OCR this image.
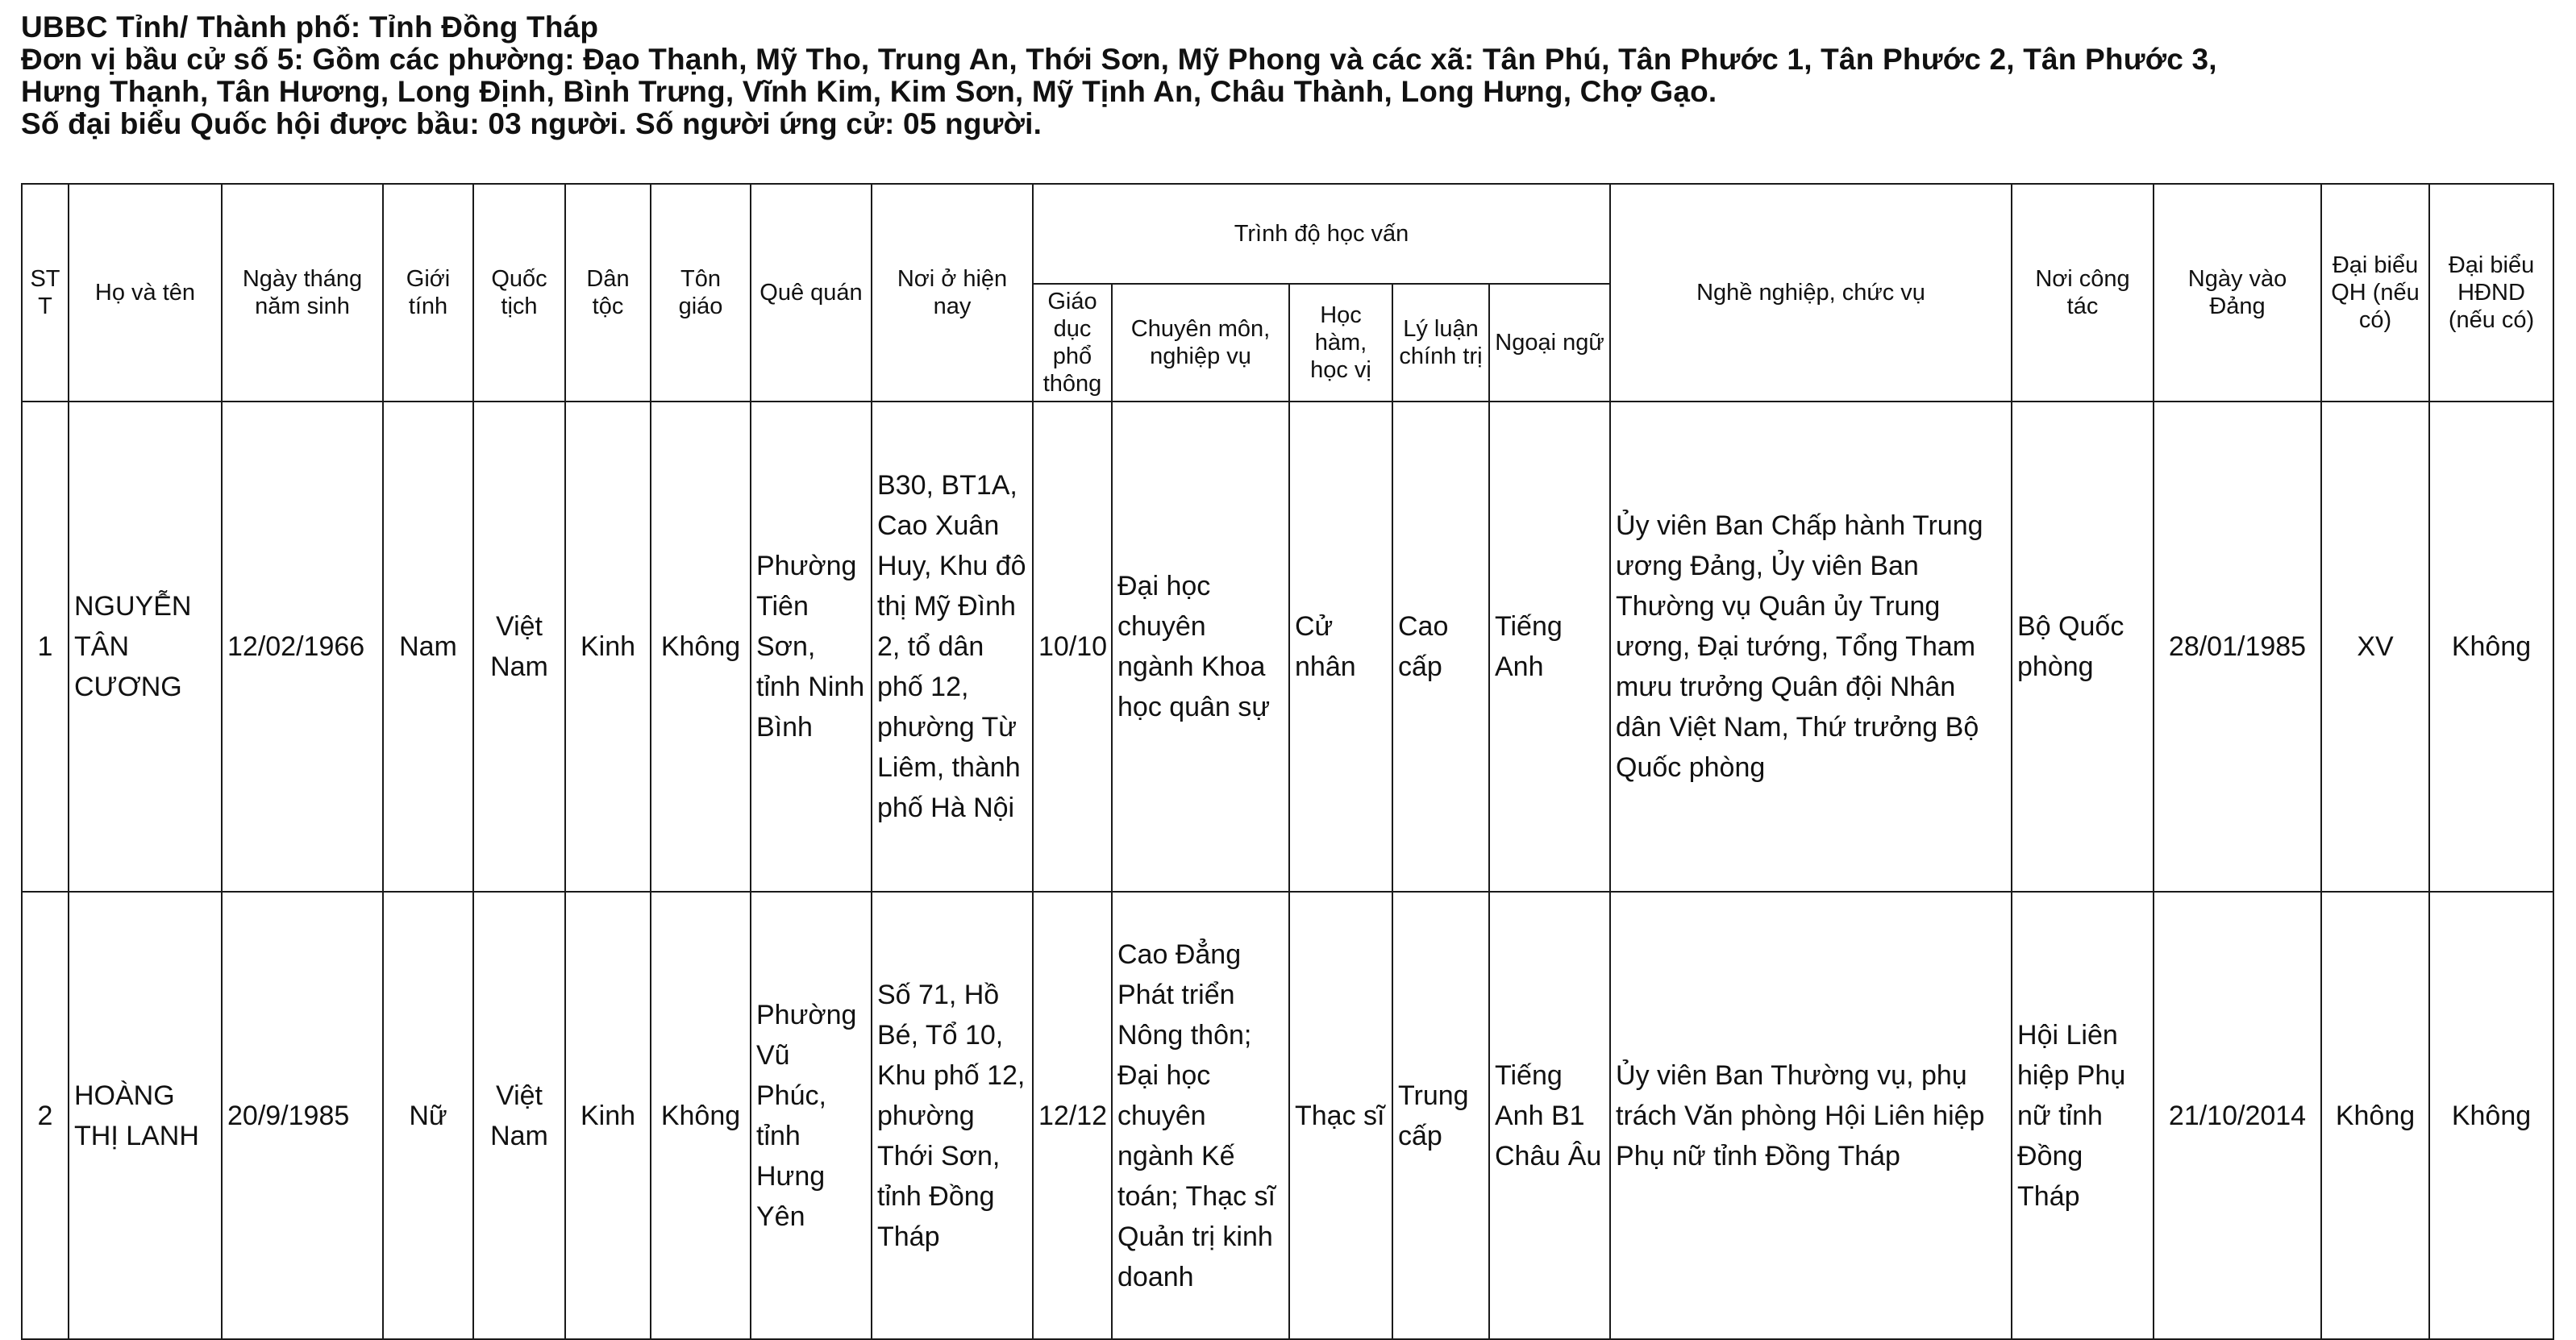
UBBC Tỉnh/ Thành phố: Tỉnh Đồng Tháp
Đơn vị bầu cử số 5: Gồm các phường: Đạo Thạnh, Mỹ Tho, Trung An, Thới Sơn, Mỹ Phong và các xã: Tân Phú, Tân Phước 1, Tân Phước 2, Tân Phước 3,
Hưng Thạnh, Tân Hương, Long Định, Bình Trưng, Vĩnh Kim, Kim Sơn, Mỹ Tịnh An, Châu Thành, Long Hưng, Chợ Gạo.
Số đại biểu Quốc hội được bầu: 03 người. Số người ứng cử: 05 người.
ST T	Họ và tên	Ngày tháng năm sinh	Giới tính	Quốc tịch	Dân tộc	Tôn giáo	Quê quán	Nơi ở hiện nay	Trình độ học vấn					Nghề nghiệp, chức vụ	Nơi công tác	Ngày vào Đảng	Đại biểu QH (nếu có)	Đại biểu HĐND (nếu có)
									Giáo dục phổ thông	Chuyên môn, nghiệp vụ	Học hàm, học vị	Lý luận chính trị	Ngoại ngữ					
1	NGUYỄN TÂN CƯƠNG	12/02/1966	Nam	Việt Nam	Kinh	Không	Phường Tiên Sơn, tỉnh Ninh Bình	B30, BT1A, Cao Xuân Huy, Khu đô thị Mỹ Đình 2, tổ dân phố 12, phường Từ Liêm, thành phố Hà Nội	10/10	Đại học chuyên ngành Khoa học quân sự	Cử nhân	Cao cấp	Tiếng Anh	Ủy viên Ban Chấp hành Trung ương Đảng, Ủy viên Ban Thường vụ Quân ủy Trung ương, Đại tướng, Tổng Tham mưu trưởng Quân đội Nhân dân Việt Nam, Thứ trưởng Bộ Quốc phòng	Bộ Quốc phòng	28/01/1985	XV	Không
2	HOÀNG THỊ LANH	20/9/1985	Nữ	Việt Nam	Kinh	Không	Phường Vũ Phúc, tỉnh Hưng Yên	Số 71, Hồ Bé, Tổ 10, Khu phố 12, phường Thới Sơn, tỉnh Đồng Tháp	12/12	Cao Đẳng Phát triển Nông thôn; Đại học chuyên ngành Kế toán; Thạc sĩ Quản trị kinh doanh	Thạc sĩ	Trung cấp	Tiếng Anh B1 Châu Âu	Ủy viên Ban Thường vụ, phụ trách Văn phòng Hội Liên hiệp Phụ nữ tỉnh Đồng Tháp	Hội Liên hiệp Phụ nữ tỉnh Đồng Tháp	21/10/2014	Không	Không
